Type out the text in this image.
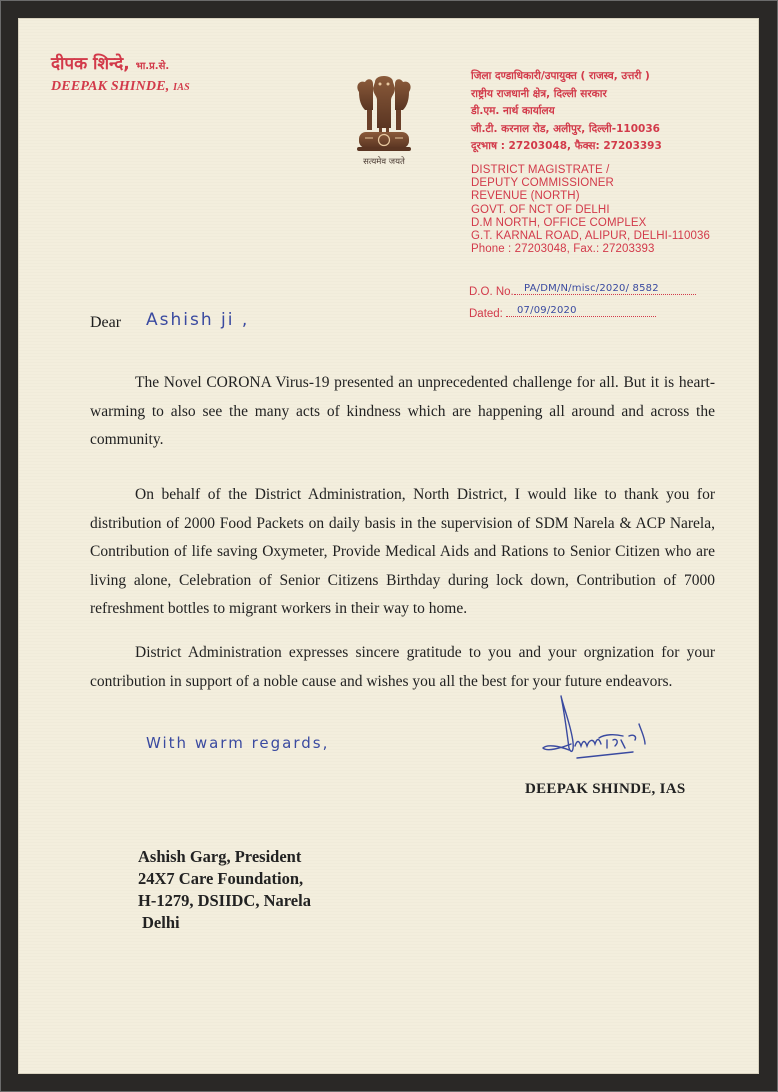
दीपक शिन्दे, भा.प्र.से.
DEEPAK SHINDE, IAS
सत्यमेव जयते
जिला दण्डाधिकारी/उपायुक्त ( राजस्व, उत्तरी )
राष्ट्रीय राजधानी क्षेत्र, दिल्ली सरकार
डी.एम. नार्थ कार्यालय
जी.टी. करनाल रोड, अलीपुर, दिल्ली-110036
दूरभाष : 27203048, फैक्स: 27203393
DISTRICT MAGISTRATE /
DEPUTY COMMISSIONER
REVENUE (NORTH)
GOVT. OF NCT OF DELHI
D.M NORTH, OFFICE COMPLEX
G.T. KARNAL ROAD, ALIPUR, DELHI-110036
Phone : 27203048, Fax.: 27203393
D.O. No. PA/DM/N/misc/2020/ 8582
Dated: 07/09/2020
Dear Ashish ji ,

The Novel CORONA Virus-19 presented an unprecedented challenge for all. But it is heart-warming to also see the many acts of kindness which are happening all around and across the community.

On behalf of the District Administration, North District, I would like to thank you for distribution of 2000 Food Packets on daily basis in the supervision of SDM Narela & ACP Narela, Contribution of life saving Oxymeter, Provide Medical Aids and Rations to Senior Citizen who are living alone, Celebration of Senior Citizens Birthday during lock down, Contribution of 7000 refreshment bottles to migrant workers in their way to home.

District Administration expresses sincere gratitude to you and your orgnization for your contribution in support of a noble cause and wishes you all the best for your future endeavors.

With warm regards,
DEEPAK SHINDE, IAS
Ashish Garg, President
24X7 Care Foundation,
H-1279, DSIIDC, Narela
Delhi
